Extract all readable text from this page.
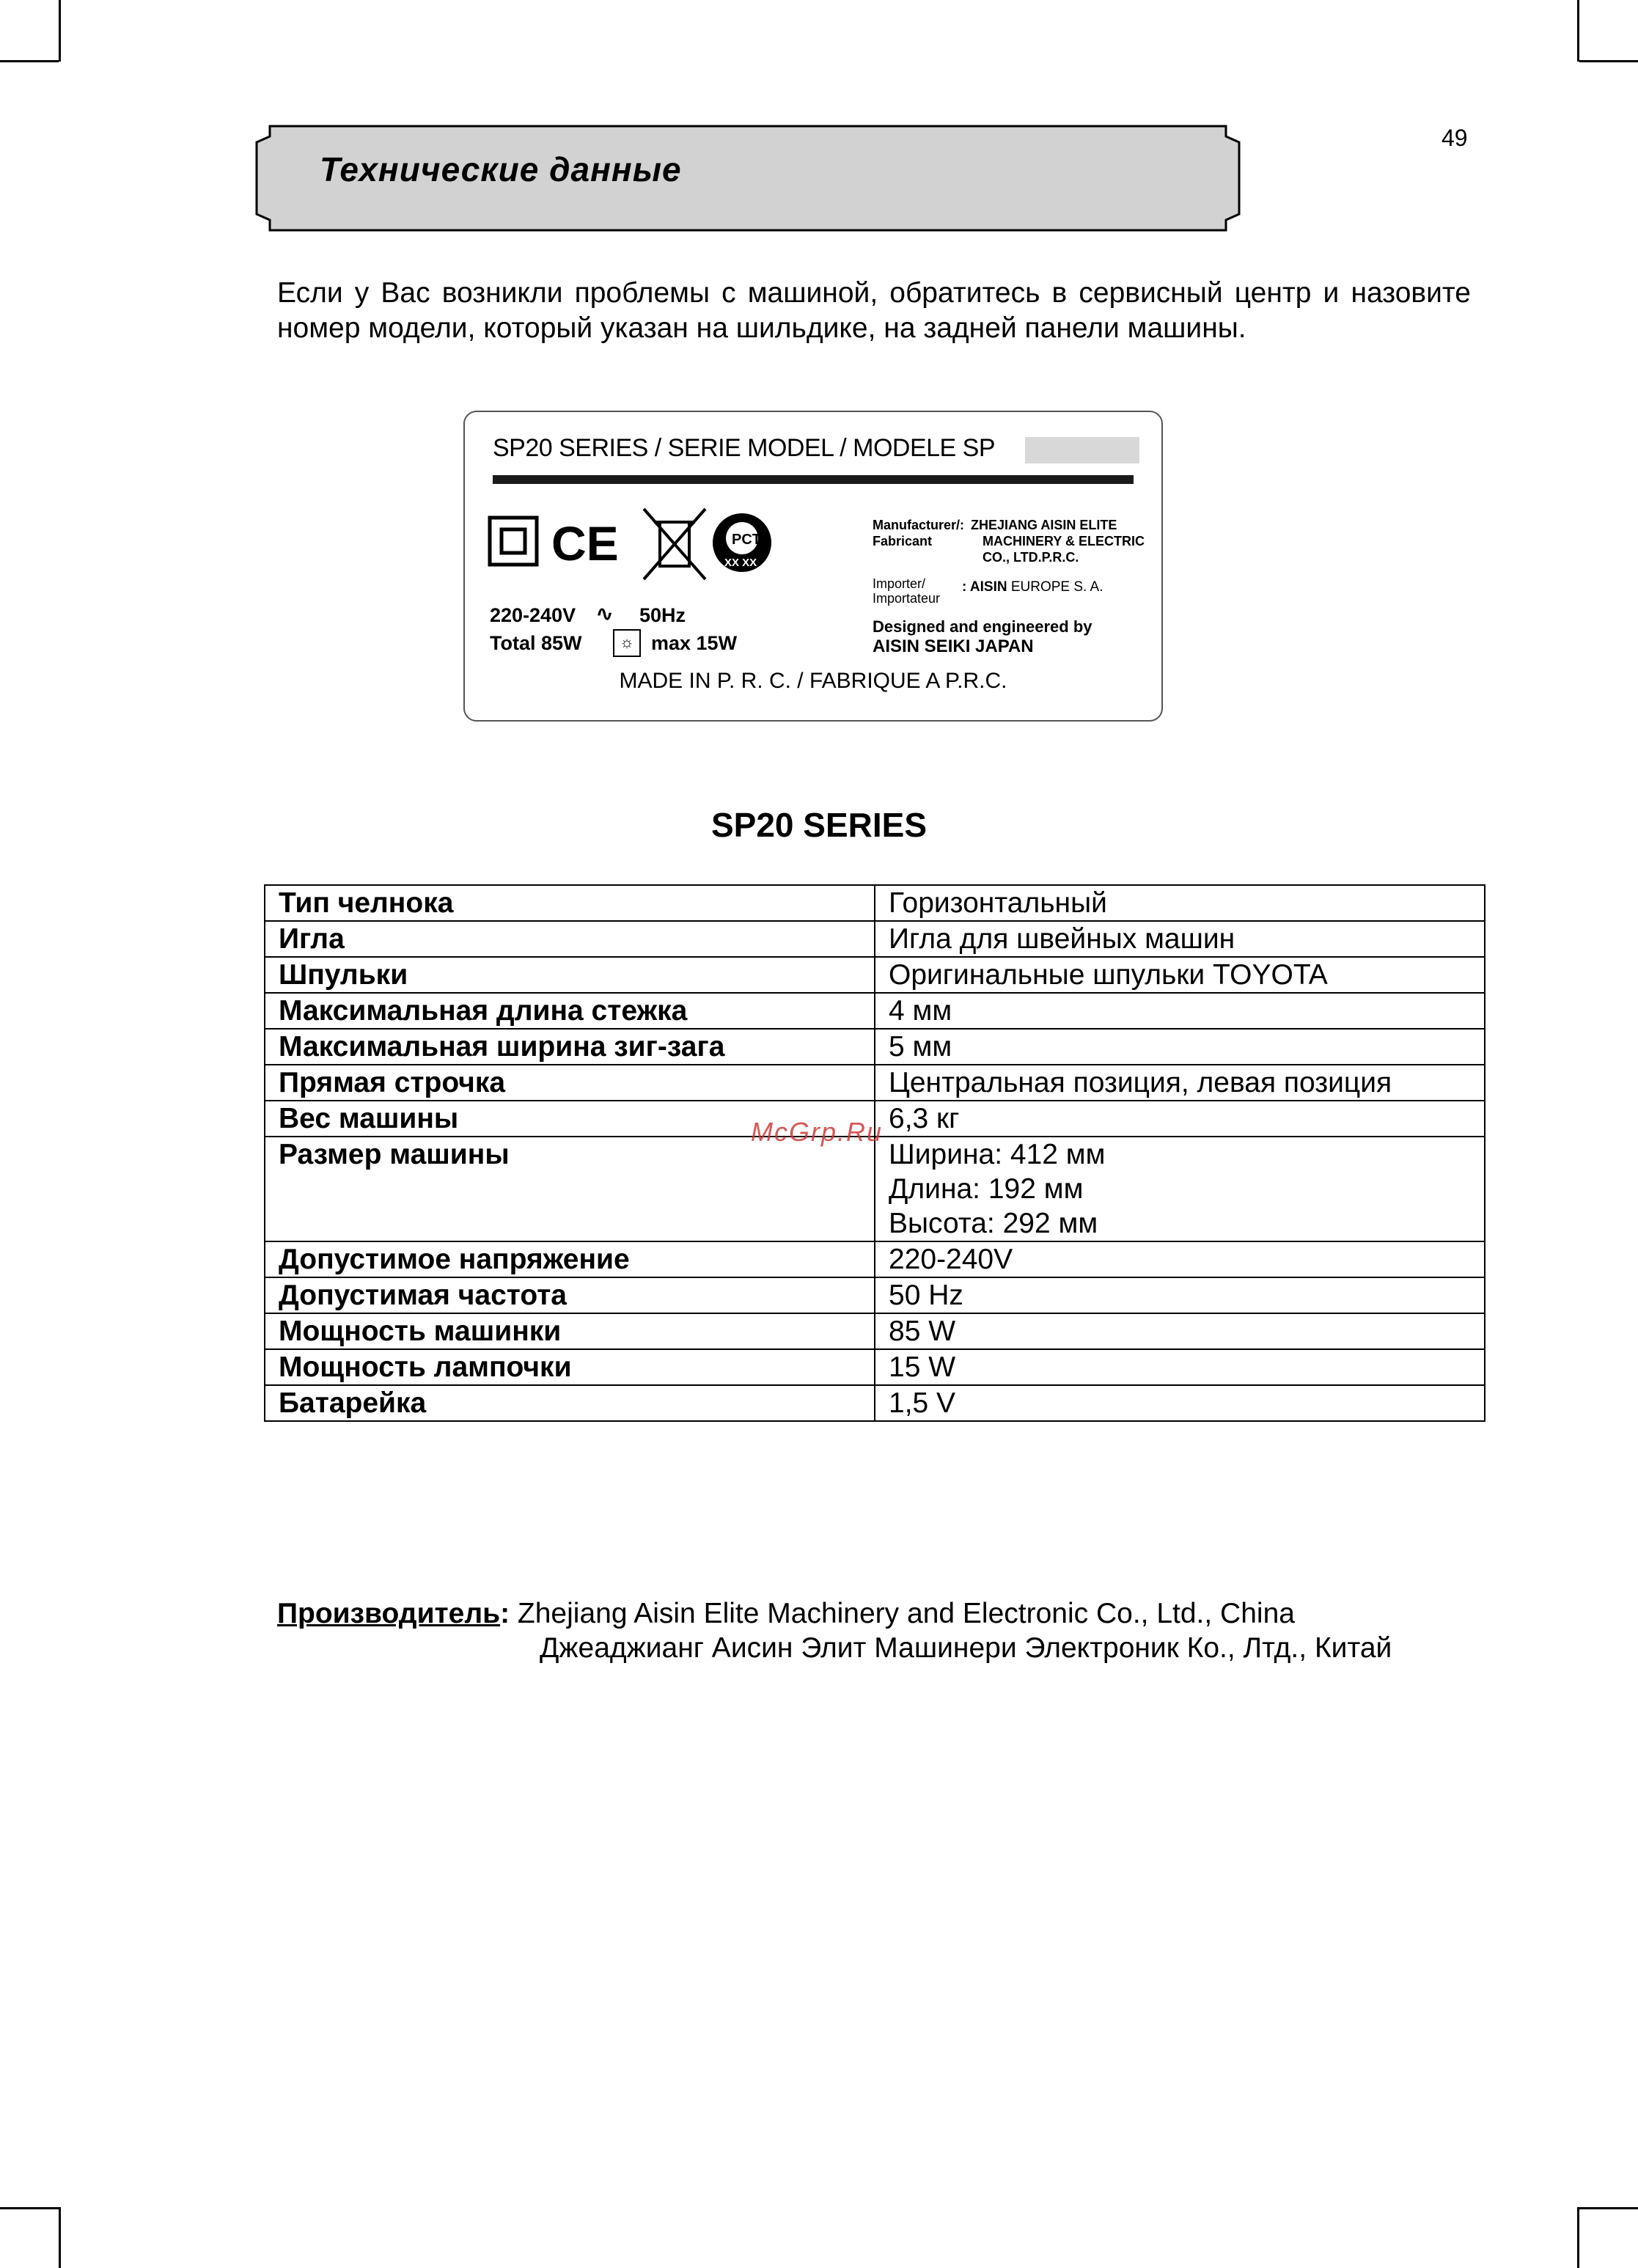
49
Технические данные
Если у Вас возникли проблемы с машиной, обратитесь в сервисный центр и назовите номер модели, который указан на шильдике, на задней панели машины.
SP20 SERIES / SERIE MODEL / MODELE SP
CE	PCT
XX XX
220-240V ∿ 50Hz
Total 85W	☼ max 15W
Manufacturer/:
Fabricant
ZHEJIANG AISIN ELITE
MACHINERY & ELECTRIC
CO., LTD.P.R.C.
Importer/
Importateur
: AISIN EUROPE S. A.
Designed and engineered by
AISIN SEIKI JAPAN
MADE IN P. R. C. / FABRIQUE A P.R.C.
SP20 SERIES
Тип челнока	Горизонтальный
Игла	Игла для швейных машин
Шпульки	Оригинальные шпульки TOYOTA
Максимальная длина стежка	4 мм
Максимальная ширина зиг-зага	5 мм
Прямая строчка	Центральная позиция, левая позиция
Вес машины	6,3 кг
Размер машины	Ширина: 412 мм
Длина: 192 мм
Высота: 292 мм

Допустимое напряжение	220-240V
Допустимая частота	50 Hz
Мощность машинки	85 W
Мощность лампочки	15 W
Батарейка	1,5 V
McGrp.Ru
Производитель: Zhejiang Aisin Elite Machinery and Electronic Co., Ltd., China
Джеаджианг Аисин Элит Машинери Электроник Ко., Лтд., Китай
